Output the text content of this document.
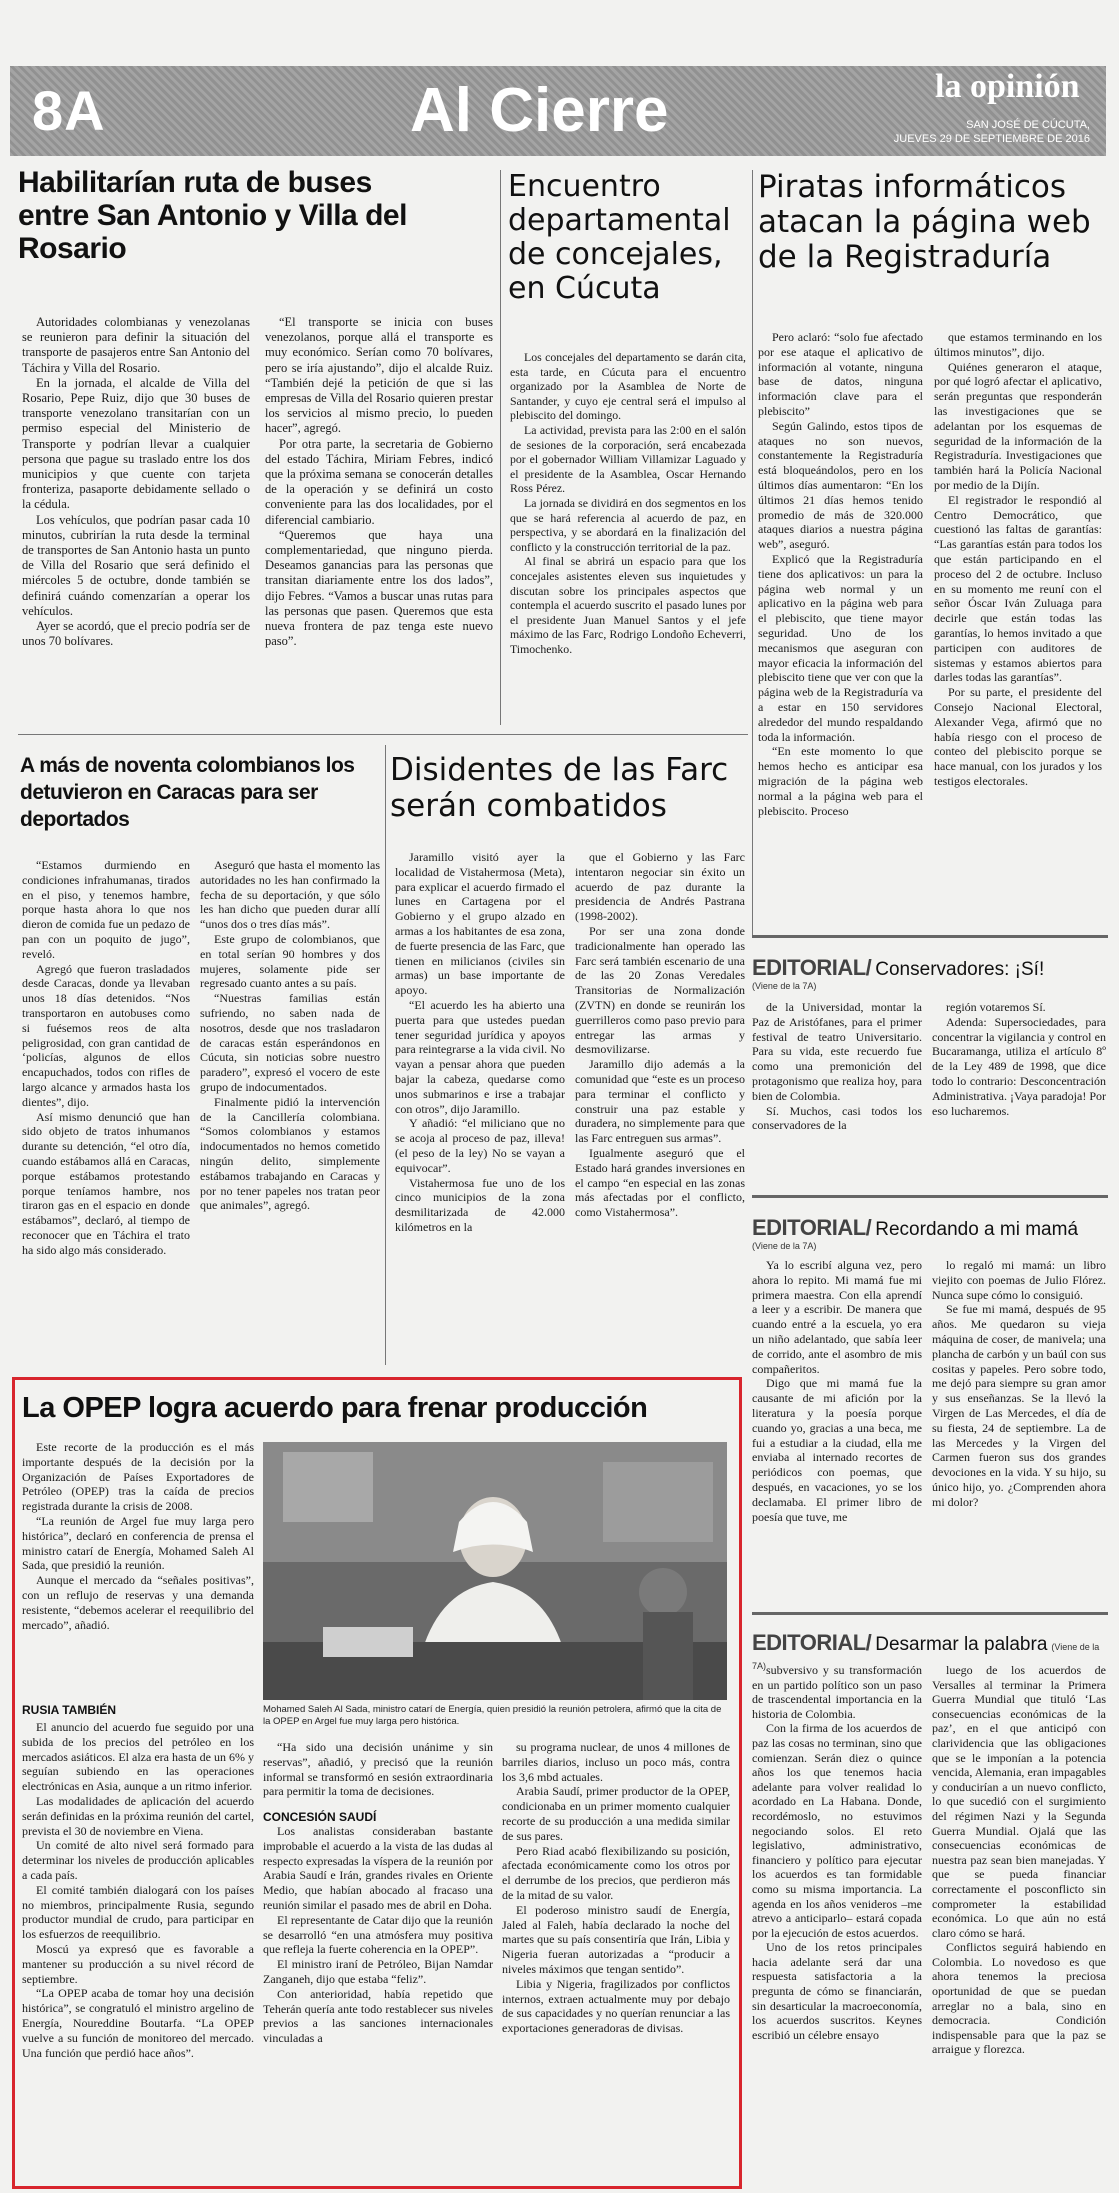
8A	Al Cierre	la opinión
SAN JOSÉ DE CÚCUTA,
JUEVES 29 DE SEPTIEMBRE DE 2016
Habilitarían ruta de buses entre San Antonio y Villa del Rosario

Autoridades colombianas y venezolanas se reunieron para definir la situación del transporte de pasajeros entre San Antonio del Táchira y Villa del Rosario.

En la jornada, el alcalde de Villa del Rosario, Pepe Ruiz, dijo que 30 buses de transporte venezolano transitarían con un permiso especial del Ministerio de Transporte y podrían llevar a cualquier persona que pague su traslado entre los dos municipios y que cuente con tarjeta fronteriza, pasaporte debidamente sellado o la cédula.

Los vehículos, que podrían pasar cada 10 minutos, cubrirían la ruta desde la terminal de transportes de San Antonio hasta un punto de Villa del Rosario que será definido el miércoles 5 de octubre, donde también se definirá cuándo comenzarían a operar los vehículos.

Ayer se acordó, que el precio podría ser de unos 70 bolívares.

“El transporte se inicia con buses venezolanos, porque allá el transporte es muy económico. Serían como 70 bolívares, pero se iría ajustando”, dijo el alcalde Ruiz. “También dejé la petición de que si las empresas de Villa del Rosario quieren prestar los servicios al mismo precio, lo pueden hacer”, agregó.

Por otra parte, la secretaria de Gobierno del estado Táchira, Miriam Febres, indicó que la próxima semana se conocerán detalles de la operación y se definirá un costo conveniente para las dos localidades, por el diferencial cambiario.

“Queremos que haya una complementariedad, que ninguno pierda. Deseamos ganancias para las personas que transitan diariamente entre los dos lados”, dijo Febres. “Vamos a buscar unas rutas para las personas que pasen. Queremos que esta nueva frontera de paz tenga este nuevo paso”.

Encuentro departamental de concejales, en Cúcuta

Los concejales del departamento se darán cita, esta tarde, en Cúcuta para el encuentro organizado por la Asamblea de Norte de Santander, y cuyo eje central será el impulso al plebiscito del domingo.

La actividad, prevista para las 2:00 en el salón de sesiones de la corporación, será encabezada por el gobernador William Villamizar Laguado y el presidente de la Asamblea, Oscar Hernando Ross Pérez.

La jornada se dividirá en dos segmentos en los que se hará referencia al acuerdo de paz, en perspectiva, y se abordará en la finalización del conflicto y la construcción territorial de la paz.

Al final se abrirá un espacio para que los concejales asistentes eleven sus inquietudes y discutan sobre los principales aspectos que contempla el acuerdo suscrito el pasado lunes por el presidente Juan Manuel Santos y el jefe máximo de las Farc, Rodrigo Londoño Echeverri, Timochenko.

Piratas informáticos atacan la página web de la Registraduría

Pero aclaró: “solo fue afectado por ese ataque el aplicativo de información al votante, ninguna base de datos, ninguna información clave para el plebiscito”

Según Galindo, estos tipos de ataques no son nuevos, constantemente la Registraduría está bloqueándolos, pero en los últimos días aumentaron: “En los últimos 21 días hemos tenido promedio de más de 320.000 ataques diarios a nuestra página web”, aseguró.

Explicó que la Registraduría tiene dos aplicativos: un para la página web normal y un aplicativo en la página web para el plebiscito, que tiene mayor seguridad. Uno de los mecanismos que aseguran con mayor eficacia la información del plebiscito tiene que ver con que la página web de la Registraduría va a estar en 150 servidores alrededor del mundo respaldando toda la información.

“En este momento lo que hemos hecho es anticipar esa migración de la página web normal a la página web para el plebiscito. Proceso

que estamos terminando en los últimos minutos”, dijo.

Quiénes generaron el ataque, por qué logró afectar el aplicativo, serán preguntas que responderán las investigaciones que se adelantan por los esquemas de seguridad de la información de la Registraduría. Investigaciones que también hará la Policía Nacional por medio de la Dijín.

El registrador le respondió al Centro Democrático, que cuestionó las faltas de garantías: “Las garantías están para todos los que están participando en el proceso del 2 de octubre. Incluso en su momento me reuní con el señor Óscar Iván Zuluaga para decirle que están todas las garantías, lo hemos invitado a que participen con auditores de sistemas y estamos abiertos para darles todas las garantías”.

Por su parte, el presidente del Consejo Nacional Electoral, Alexander Vega, afirmó que no había riesgo con el proceso de conteo del plebiscito porque se hace manual, con los jurados y los testigos electorales.

A más de noventa colombianos los detuvieron en Caracas para ser deportados

“Estamos durmiendo en condiciones infrahumanas, tirados en el piso, y tenemos hambre, porque hasta ahora lo que nos dieron de comida fue un pedazo de pan con un poquito de jugo”, reveló.

Agregó que fueron trasladados desde Caracas, donde ya llevaban unos 18 días detenidos. “Nos transportaron en autobuses como si fuésemos reos de alta peligrosidad, con gran cantidad de ‘policías, algunos de ellos encapuchados, todos con rifles de largo alcance y armados hasta los dientes”, dijo.

Así mismo denunció que han sido objeto de tratos inhumanos durante su detención, “el otro día, cuando estábamos allá en Caracas, porque estábamos protestando porque teníamos hambre, nos tiraron gas en el espacio en donde estábamos”, declaró, al tiempo de reconocer que en Táchira el trato ha sido algo más considerado.

Aseguró que hasta el momento las autoridades no les han confirmado la fecha de su deportación, y que sólo les han dicho que pueden durar allí “unos dos o tres días más”.

Este grupo de colombianos, que en total serían 90 hombres y dos mujeres, solamente pide ser regresado cuanto antes a su país.

“Nuestras familias están sufriendo, no saben nada de nosotros, desde que nos trasladaron de caracas están esperándonos en Cúcuta, sin noticias sobre nuestro paradero”, expresó el vocero de este grupo de indocumentados.

Finalmente pidió la intervención de la Cancillería colombiana. “Somos colombianos y estamos indocumentados no hemos cometido ningún delito, simplemente estábamos trabajando en Caracas y por no tener papeles nos tratan peor que animales”, agregó.

Disidentes de las Farc serán combatidos

Jaramillo visitó ayer la localidad de Vistahermosa (Meta), para explicar el acuerdo firmado el lunes en Cartagena por el Gobierno y el grupo alzado en armas a los habitantes de esa zona, de fuerte presencia de las Farc, que tienen en milicianos (civiles sin armas) un base importante de apoyo.

“El acuerdo les ha abierto una puerta para que ustedes puedan tener seguridad jurídica y apoyos para reintegrarse a la vida civil. No vayan a pensar ahora que pueden bajar la cabeza, quedarse como unos submarinos e irse a trabajar con otros”, dijo Jaramillo.

Y añadió: “el miliciano que no se acoja al proceso de paz, illeva! (el peso de la ley) No se vayan a equivocar”.

Vistahermosa fue uno de los cinco municipios de la zona desmilitarizada de 42.000 kilómetros en la

que el Gobierno y las Farc intentaron negociar sin éxito un acuerdo de paz durante la presidencia de Andrés Pastrana (1998-2002).

Por ser una zona donde tradicionalmente han operado las Farc será también escenario de una de las 20 Zonas Veredales Transitorias de Normalización (ZVTN) en donde se reunirán los guerrilleros como paso previo para entregar las armas y desmovilizarse.

Jaramillo dijo además a la comunidad que “este es un proceso para terminar el conflicto y construir una paz estable y duradera, no simplemente para que las Farc entreguen sus armas”.

Igualmente aseguró que el Estado hará grandes inversiones en el campo “en especial en las zonas más afectadas por el conflicto, como Vistahermosa”.

EDITORIAL/ Conservadores: ¡Sí!
(Viene de la 7A)

de la Universidad, montar la Paz de Aristófanes, para el primer festival de teatro Universitario. Para su vida, este recuerdo fue como una premonición del protagonismo que realiza hoy, para bien de Colombia.

Sí. Muchos, casi todos los conservadores de la

región votaremos Sí.

Adenda: Supersociedades, para concentrar la vigilancia y control en Bucaramanga, utiliza el artículo 8º de la Ley 489 de 1998, que dice todo lo contrario: Desconcentración Administrativa. ¡Vaya paradoja! Por eso lucharemos.

EDITORIAL/ Recordando a mi mamá
(Viene de la 7A)

Ya lo escribí alguna vez, pero ahora lo repito. Mi mamá fue mi primera maestra. Con ella aprendí a leer y a escribir. De manera que cuando entré a la escuela, yo era un niño adelantado, que sabía leer de corrido, ante el asombro de mis compañeritos.

Digo que mi mamá fue la causante de mi afición por la literatura y la poesía porque cuando yo, gracias a una beca, me fui a estudiar a la ciudad, ella me enviaba al internado recortes de periódicos con poemas, que después, en vacaciones, yo se los declamaba. El primer libro de poesía que tuve, me

lo regaló mi mamá: un libro viejito con poemas de Julio Flórez. Nunca supe cómo lo consiguió.

Se fue mi mamá, después de 95 años. Me quedaron su vieja máquina de coser, de manivela; una plancha de carbón y un baúl con sus cositas y papeles. Pero sobre todo, me dejó para siempre su gran amor y sus enseñanzas. Se la llevó la Virgen de Las Mercedes, el día de su fiesta, 24 de septiembre. La de las Mercedes y la Virgen del Carmen fueron sus dos grandes devociones en la vida. Y su hijo, su único hijo, yo. ¿Comprenden ahora mi dolor?

EDITORIAL/ Desarmar la palabra (Viene de la 7A) subversivo y su transformación en un partido político son un paso de trascendental importancia en la historia de Colombia.

Con la firma de los acuerdos de paz las cosas no terminan, sino que comienzan. Serán diez o quince años los que tenemos hacia adelante para volver realidad lo acordado en La Habana. Donde, recordémoslo, no estuvimos negociando solos. El reto legislativo, administrativo, financiero y político para ejecutar los acuerdos es tan formidable como su misma importancia. La agenda en los años venideros –me atrevo a anticiparlo– estará copada por la ejecución de estos acuerdos.

Uno de los retos principales hacia adelante será dar una respuesta satisfactoria a la pregunta de cómo se financiarán, sin desarticular la macroeconomía, los acuerdos suscritos. Keynes escribió un célebre ensayo

luego de los acuerdos de Versalles al terminar la Primera Guerra Mundial que tituló ‘Las consecuencias económicas de la paz’, en el que anticipó con clarividencia que las obligaciones que se le imponían a la potencia vencida, Alemania, eran impagables y conducirían a un nuevo conflicto, lo que sucedió con el surgimiento del régimen Nazi y la Segunda Guerra Mundial. Ojalá que las consecuencias económicas de nuestra paz sean bien manejadas. Y que se pueda financiar correctamente el posconflicto sin comprometer la estabilidad económica. Lo que aún no está claro cómo se hará.

Conflictos seguirá habiendo en Colombia. Lo novedoso es que ahora tenemos la preciosa oportunidad de que se puedan arreglar no a bala, sino en democracia. Condición indispensable para que la paz se arraigue y florezca.

La OPEP logra acuerdo para frenar producción

Este recorte de la producción es el más importante después de la decisión por la Organización de Países Exportadores de Petróleo (OPEP) tras la caída de precios registrada durante la crisis de 2008.

“La reunión de Argel fue muy larga pero histórica”, declaró en conferencia de prensa el ministro catarí de Energía, Mohamed Saleh Al Sada, que presidió la reunión.

Aunque el mercado da “señales positivas”, con un reflujo de reservas y una demanda resistente, “debemos acelerar el reequilibrio del mercado”, añadió.

Mohamed Saleh Al Sada, ministro catarí de Energía, quien presidió la reunión petrolera, afirmó que la cita de la OPEP en Argel fue muy larga pero histórica.
RUSIA TAMBIÉN

El anuncio del acuerdo fue seguido por una subida de los precios del petróleo en los mercados asiáticos. El alza era hasta de un 6% y seguían subiendo en las operaciones electrónicas en Asia, aunque a un ritmo inferior.

Las modalidades de aplicación del acuerdo serán definidas en la próxima reunión del cartel, prevista el 30 de noviembre en Viena.

Un comité de alto nivel será formado para determinar los niveles de producción aplicables a cada país.

El comité también dialogará con los países no miembros, principalmente Rusia, segundo productor mundial de crudo, para participar en los esfuerzos de reequilibrio.

Moscú ya expresó que es favorable a mantener su producción a su nivel récord de septiembre.

“La OPEP acaba de tomar hoy una decisión histórica”, se congratuló el ministro argelino de Energía, Noureddine Boutarfa. “La OPEP vuelve a su función de monitoreo del mercado. Una función que perdió hace años”.

“Ha sido una decisión unánime y sin reservas”, añadió, y precisó que la reunión informal se transformó en sesión extraordinaria para permitir la toma de decisiones.

CONCESIÓN SAUDÍ

Los analistas consideraban bastante improbable el acuerdo a la vista de las dudas al respecto expresadas la víspera de la reunión por Arabia Saudí e Irán, grandes rivales en Oriente Medio, que habían abocado al fracaso una reunión similar el pasado mes de abril en Doha.

El representante de Catar dijo que la reunión se desarrolló “en una atmósfera muy positiva que refleja la fuerte coherencia en la OPEP”.

El ministro iraní de Petróleo, Bijan Namdar Zanganeh, dijo que estaba “feliz”.

Con anterioridad, había repetido que Teherán quería ante todo restablecer sus niveles previos a las sanciones internacionales vinculadas a

su programa nuclear, de unos 4 millones de barriles diarios, incluso un poco más, contra los 3,6 mbd actuales.

Arabia Saudí, primer productor de la OPEP, condicionaba en un primer momento cualquier recorte de su producción a una medida similar de sus pares.

Pero Riad acabó flexibilizando su posición, afectada económicamente como los otros por el derrumbe de los precios, que perdieron más de la mitad de su valor.

El poderoso ministro saudí de Energía, Jaled al Faleh, había declarado la noche del martes que su país consentiría que Irán, Libia y Nigeria fueran autorizadas a “producir a niveles máximos que tengan sentido”.

Libia y Nigeria, fragilizados por conflictos internos, extraen actualmente muy por debajo de sus capacidades y no querían renunciar a las exportaciones generadoras de divisas.
